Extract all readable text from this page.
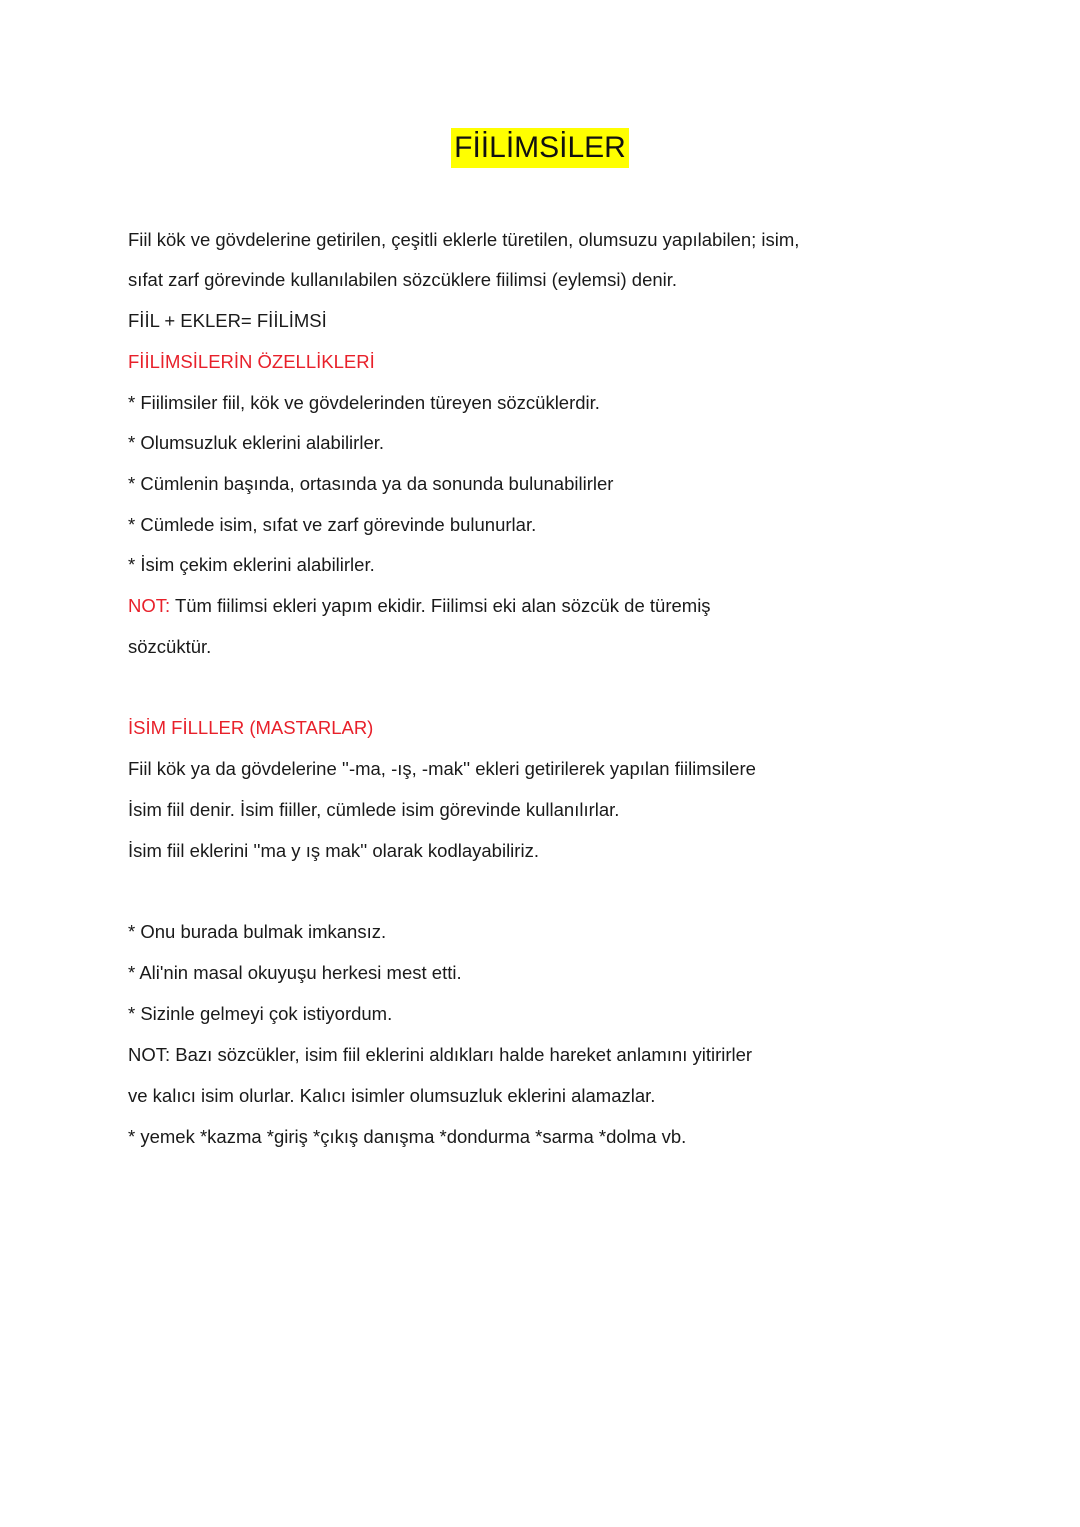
FİİLİMSİLER
Fiil kök ve gövdelerine getirilen, çeşitli eklerle türetilen, olumsuzu yapılabilen; isim,
sıfat zarf görevinde kullanılabilen sözcüklere fiilimsi (eylemsi) denir.
FİİL + EKLER= FİİLİMSİ
FİİLİMSİLERİN ÖZELLİKLERİ
* Fiilimsiler fiil, kök ve gövdelerinden türeyen sözcüklerdir.
* Olumsuzluk eklerini alabilirler.
* Cümlenin başında, ortasında ya da sonunda bulunabilirler
* Cümlede isim, sıfat ve zarf görevinde bulunurlar.
* İsim çekim eklerini alabilirler.
NOT: Tüm fiilimsi ekleri yapım ekidir. Fiilimsi eki alan sözcük de türemiş
sözcüktür.
İSİM FİLLLER (MASTARLAR)
Fiil kök ya da gövdelerine ''-ma, -ış, -mak'' ekleri getirilerek yapılan fiilimsilere
İsim fiil denir. İsim fiiller, cümlede isim görevinde kullanılırlar.
İsim fiil eklerini ''ma y ış mak'' olarak kodlayabiliriz.
* Onu burada bulmak imkansız.
* Ali'nin masal okuyuşu herkesi mest etti.
* Sizinle gelmeyi çok istiyordum.
NOT: Bazı sözcükler, isim fiil eklerini aldıkları halde hareket anlamını yitirirler
ve kalıcı isim olurlar. Kalıcı isimler olumsuzluk eklerini alamazlar.
* yemek *kazma *giriş *çıkış danışma *dondurma *sarma *dolma vb.
